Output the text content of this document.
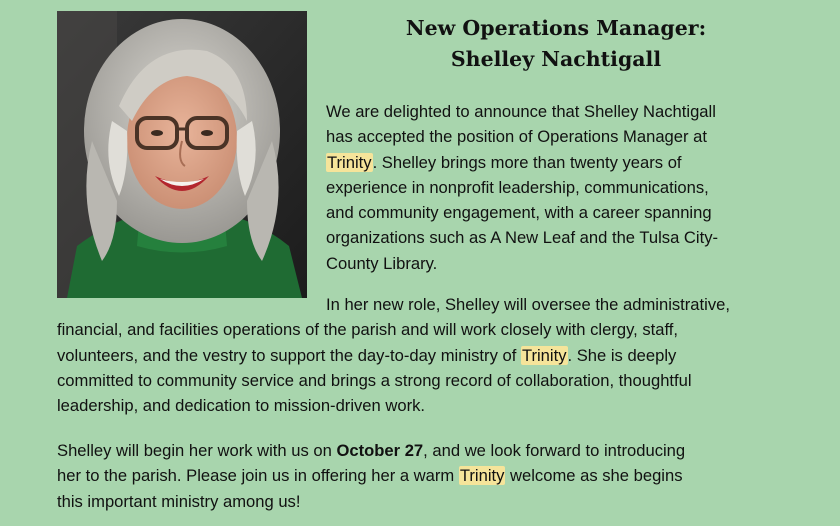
New Operations Manager:
Shelley Nachtigall
We are delighted to announce that Shelley Nachtigall
has accepted the position of Operations Manager at
Trinity. Shelley brings more than twenty years of
experience in nonprofit leadership, communications,
and community engagement, with a career spanning
organizations such as A New Leaf and the Tulsa City-
County Library.
In her new role, Shelley will oversee the administrative,
financial, and facilities operations of the parish and will work closely with clergy, staff,
volunteers, and the vestry to support the day-to-day ministry of Trinity. She is deeply
committed to community service and brings a strong record of collaboration, thoughtful
leadership, and dedication to mission-driven work.
Shelley will begin her work with us on October 27, and we look forward to introducing
her to the parish. Please join us in offering her a warm Trinity welcome as she begins
this important ministry among us!
